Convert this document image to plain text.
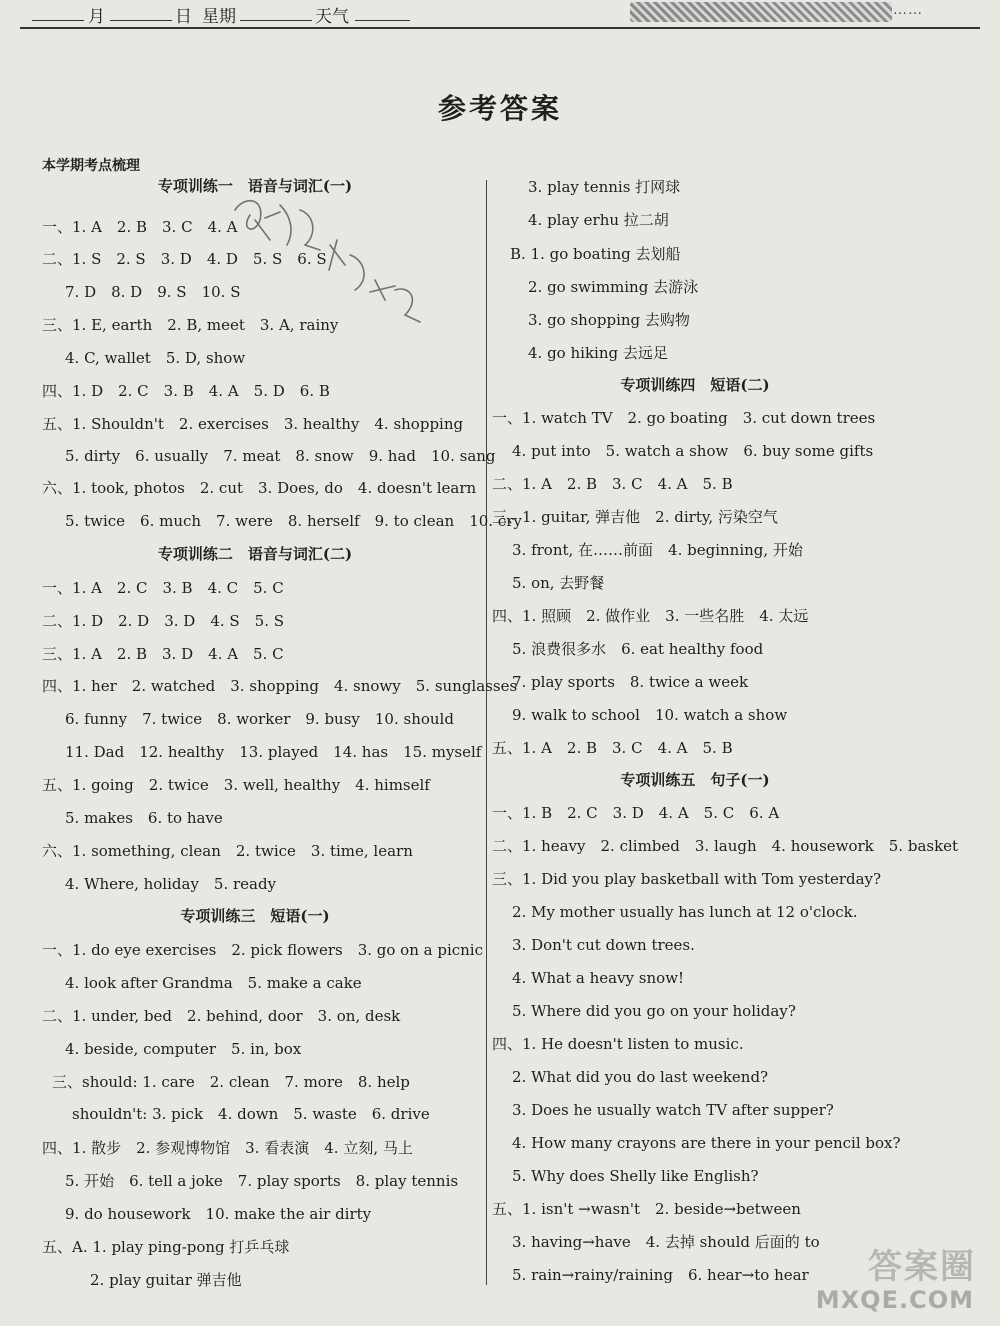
月	日 星期	天气	……
参考答案
本学期考点梳理
专项训练一　语音与词汇(一)
一、1. A　2. B　3. C　4. A
二、1. S　2. S　3. D　4. D　5. S　6. S
7. D　8. D　9. S　10. S
三、1. E, earth　2. B, meet　3. A, rainy
4. C, wallet　5. D, show
四、1. D　2. C　3. B　4. A　5. D　6. B
五、1. Shouldn't　2. exercises　3. healthy　4. shopping
5. dirty　6. usually　7. meat　8. snow　9. had　10. sang
六、1. took, photos　2. cut　3. Does, do　4. doesn't learn
5. twice　6. much　7. were　8. herself　9. to clean　10. cry
专项训练二　语音与词汇(二)
一、1. A　2. C　3. B　4. C　5. C
二、1. D　2. D　3. D　4. S　5. S
三、1. A　2. B　3. D　4. A　5. C
四、1. her　2. watched　3. shopping　4. snowy　5. sunglasses
6. funny　7. twice　8. worker　9. busy　10. should
11. Dad　12. healthy　13. played　14. has　15. myself
五、1. going　2. twice　3. well, healthy　4. himself
5. makes　6. to have
六、1. something, clean　2. twice　3. time, learn
4. Where, holiday　5. ready
专项训练三　短语(一)
一、1. do eye exercises　2. pick flowers　3. go on a picnic
4. look after Grandma　5. make a cake
二、1. under, bed　2. behind, door　3. on, desk
4. beside, computer　5. in, box
三、should: 1. care　2. clean　7. more　8. help
shouldn't: 3. pick　4. down　5. waste　6. drive
四、1. 散步　2. 参观博物馆　3. 看表演　4. 立刻, 马上
5. 开始　6. tell a joke　7. play sports　8. play tennis
9. do housework　10. make the air dirty
五、A. 1. play ping-pong 打乒乓球
2. play guitar 弹吉他
3. play tennis 打网球
4. play erhu 拉二胡
B. 1. go boating 去划船
2. go swimming 去游泳
3. go shopping 去购物
4. go hiking 去远足
专项训练四　短语(二)
一、1. watch TV　2. go boating　3. cut down trees
4. put into　5. watch a show　6. buy some gifts
二、1. A　2. B　3. C　4. A　5. B
三、1. guitar, 弹吉他　2. dirty, 污染空气
3. front, 在……前面　4. beginning, 开始
5. on, 去野餐
四、1. 照顾　2. 做作业　3. 一些名胜　4. 太远
5. 浪费很多水　6. eat healthy food
7. play sports　8. twice a week
9. walk to school　10. watch a show
五、1. A　2. B　3. C　4. A　5. B
专项训练五　句子(一)
一、1. B　2. C　3. D　4. A　5. C　6. A
二、1. heavy　2. climbed　3. laugh　4. housework　5. basket
三、1. Did you play basketball with Tom yesterday?
2. My mother usually has lunch at 12 o'clock.
3. Don't cut down trees.
4. What a heavy snow!
5. Where did you go on your holiday?
四、1. He doesn't listen to music.
2. What did you do last weekend?
3. Does he usually watch TV after supper?
4. How many crayons are there in your pencil box?
5. Why does Shelly like English?
五、1. isn't →wasn't　2. beside→between
3. having→have　4. 去掉 should 后面的 to
5. rain→rainy/raining　6. hear→to hear 答案圈
MXQE.COM
